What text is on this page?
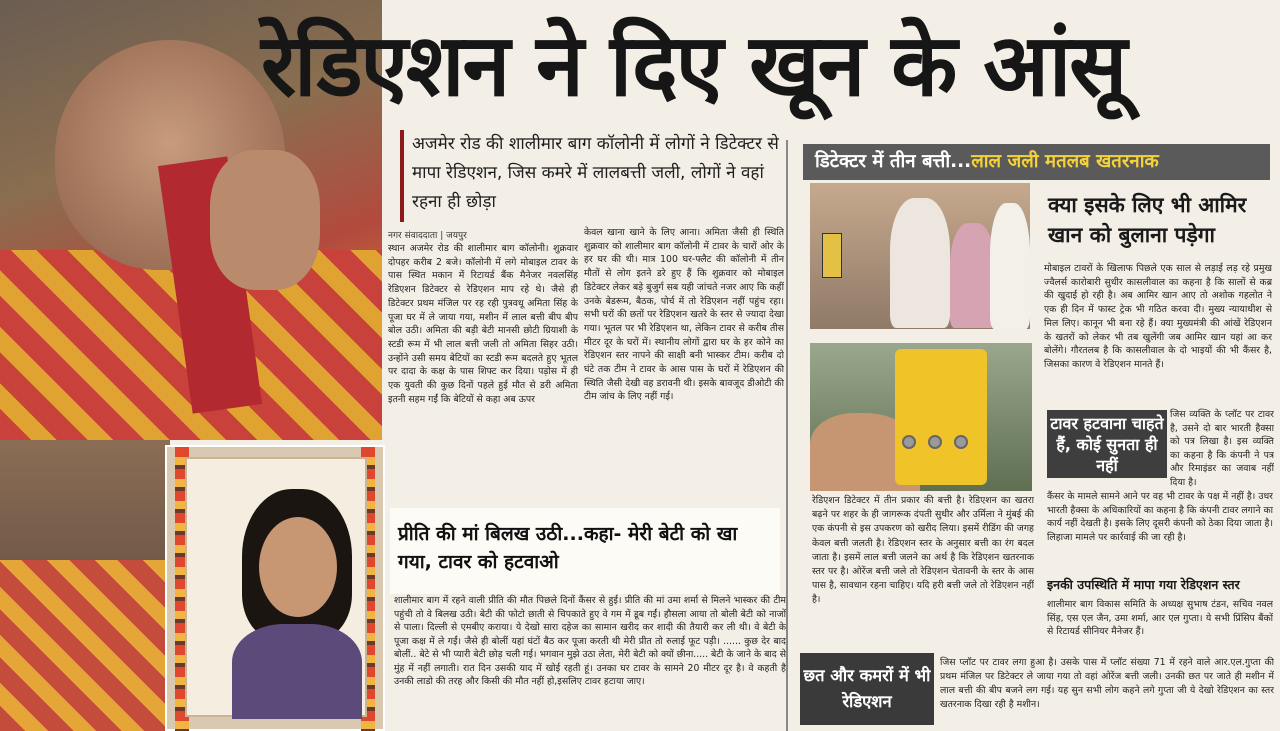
रेडिएशन ने दिए खून के आंसू
अजमेर रोड की शालीमार बाग कॉलोनी में लोगों ने डिटेक्टर से मापा रेडिएशन, जिस कमरे में लालबत्ती जली, लोगों ने वहां रहना ही छोड़ा
नगर संवाददाता | जयपुर
स्थान अजमेर रोड की शालीमार बाग कॉलोनी। शुक्रवार दोपहर करीब 2 बजे। कॉलोनी में लगे मोबाइल टावर के पास स्थित मकान में रिटायर्ड बैंक मैनेजर नवलसिंह रेडिएशन डिटेक्टर से रेडिएशन माप रहे थे। जैसे ही डिटेक्टर प्रथम मंजिल पर रह रही पुत्रवधू अमिता सिंह के पूजा घर में ले जाया गया, मशीन में लाल बत्ती बीप बीप बोल उठी। अमिता की बड़ी बेटी मानसी छोटी ग्रियाशी के स्टडी रूम में भी लाल बत्ती जली तो अमिता सिहर उठी। उन्होंने उसी समय बेटियों का स्टडी रूम बदलते हुए भूतल पर दादा के कक्ष के पास शिफ्ट कर दिया। पड़ोस में ही एक युवती की कुछ दिनों पहले हुई मौत से डरी अमिता इतनी सहम गईं कि बेटियों से कहा अब ऊपर
केवल खाना खाने के लिए आना। अमिता जैसी ही स्थिति शुक्रवार को शालीमार बाग कॉलोनी में टावर के चारों ओर के हर घर की थी। मात्र 100 घर-फ्लैट की कॉलोनी में तीन मौतों से लोग इतने डरे हुए हैं कि शुक्रवार को मोबाइल डिटेक्टर लेकर बड़े बुजुर्ग सब यही जांचते नजर आए कि कहीं उनके बेडरूम, बैठक, पोर्च में तो रेडिएशन नहीं पहुंच रहा। सभी घरों की छतों पर रेडिएशन खतरे के स्तर से ज्यादा देखा गया। भूतल पर भी रेडिएशन था, लेकिन टावर से करीब तीस मीटर दूर के घरों में। स्थानीय लोगों द्वारा घर के हर कोने का रेडिएशन स्तर नापने की साक्षी बनी भास्कर टीम। करीब दो घंटे तक टीम ने टावर के आस पास के घरों में रेडिएशन की स्थिति जैसी देखी वह डरावनी थी। इसके बावजूद डीओटी की टीम जांच के लिए नहीं गई।
प्रीति की मां बिलख उठी...कहा- मेरी बेटी को खा गया, टावर को हटवाओ
शालीमार बाग में रहने वाली प्रीति की मौत पिछले दिनों कैंसर से हुई। प्रीति की मां उमा शर्मा से मिलने भास्कर की टीम पहुंची तो वे बिलख उठी। बेटी की फोटो छाती से चिपकाते हुए वे गम में डूब गईं। हौसला आया तो बोली बेटी को नाजों से पाला। दिल्ली से एमबीए कराया। ये देखो सारा दहेज का सामान खरीद कर शादी की तैयारी कर ली थी। वे बेटी के पूजा कक्ष में ले गईं। जैसे ही बोलीं यहां घंटों बैठ कर पूजा करती थी मेरी प्रीत तो रुलाई फूट पड़ी। ...... कुछ देर बाद बोलीं.. बेटे से भी प्यारी बेटी छोड़ चली गई। भगवान मुझे उठा लेता, मेरी बेटी को क्यों छीना..... बेटी के जाने के बाद से मुंह में नहीं लगाती। रात दिन उसकी याद में खोई रहती हूं। उनका घर टावर के सामने 20 मीटर दूर है। वे कहती है उनकी लाडो की तरह और किसी की मौत नहीं हो,इसलिए टावर हटाया जाए।
डिटेक्टर में तीन बत्ती...लाल जली मतलब खतरनाक
रेडिएशन डिटेक्टर में तीन प्रकार की बत्ती है। रेडिएशन का खतरा बढ़ने पर शहर के ही जागरूक दंपती सुधीर और उर्मिला ने मुंबई की एक कंपनी से इस उपकरण को खरीद लिया। इसमें रीडिंग की जगह केवल बत्ती जलती है। रेडिएशन स्तर के अनुसार बत्ती का रंग बदल जाता है। इसमें लाल बत्ती जलने का अर्थ है कि रेडिएशन खतरनाक स्तर पर है। ओरेंज बत्ती जले तो रेडिएशन चेतावनी के स्तर के आस पास है, सावधान रहना चाहिए। यदि हरी बत्ती जले तो रेडिएशन नहीं है।
क्या इसके लिए भी आमिर खान को बुलाना पड़ेगा
मोबाइल टावरों के खिलाफ पिछले एक साल से लड़ाई लड़ रहे प्रमुख ज्वैलर्स कारोबारी सुधीर कासलीवाल का कहना है कि सालों से कब्र की खुदाई हो रही है। अब आमिर खान आए तो अशोक गहलोत ने एक ही दिन में फास्ट ट्रेक भी गठित करवा दी। मुख्य न्यायाधीश से मिल लिए। कानून भी बना रहे हैं। क्या मुख्यमंत्री की आंखें रेडिएशन के खतरों को लेकर भी तब खुलेंगी जब आमिर खान यहां आ कर बोलेंगे। गौरतलब है कि कासलीवाल के दो भाइयों की भी कैंसर है, जिसका कारण वे रेडिएशन मानते हैं।
टावर हटवाना चाहते हैं, कोई सुनता ही नहीं
जिस व्यक्ति के प्लॉट पर टावर है, उसने दो बार भारती हैक्सा को पत्र लिखा है। इस व्यक्ति का कहना है कि कंपनी ने पत्र और रिमाइंडर का जवाब नहीं दिया है।
कैंसर के मामले सामने आने पर वह भी टावर के पक्ष में नहीं है। उधर भारती हैक्सा के अधिकारियों का कहना है कि कंपनी टावर लगाने का कार्य नहीं देखती है। इसके लिए दूसरी कंपनी को ठेका दिया जाता है। लिहाजा मामले पर कार्रवाई की जा रही है।
इनकी उपस्थिति में मापा गया रेडिएशन स्तर
शालीमार बाग विकास समिति के अध्यक्ष सुभाष टंडन, सचिव नवल सिंह, एस एल जैन, उमा शर्मा, आर एल गुप्ता। ये सभी प्रिंसिप बैंकों से रिटायर्ड सीनियर मैनेजर हैं।
छत और कमरों में भी रेडिएशन
जिस प्लॉट पर टावर लगा हुआ है। उसके पास में प्लॉट संख्या 71 में रहने वाले आर.एल.गुप्ता की प्रथम मंजिल पर डिटेक्टर ले जाया गया तो वहां ओरेंज बत्ती जली। उनकी छत पर जाते ही मशीन में लाल बत्ती की बीप बजने लग गई। यह सुन सभी लोग कहने लगे गुप्ता जी ये देखो रेडिएशन का स्तर खतरनाक दिखा रही है मशीन।
